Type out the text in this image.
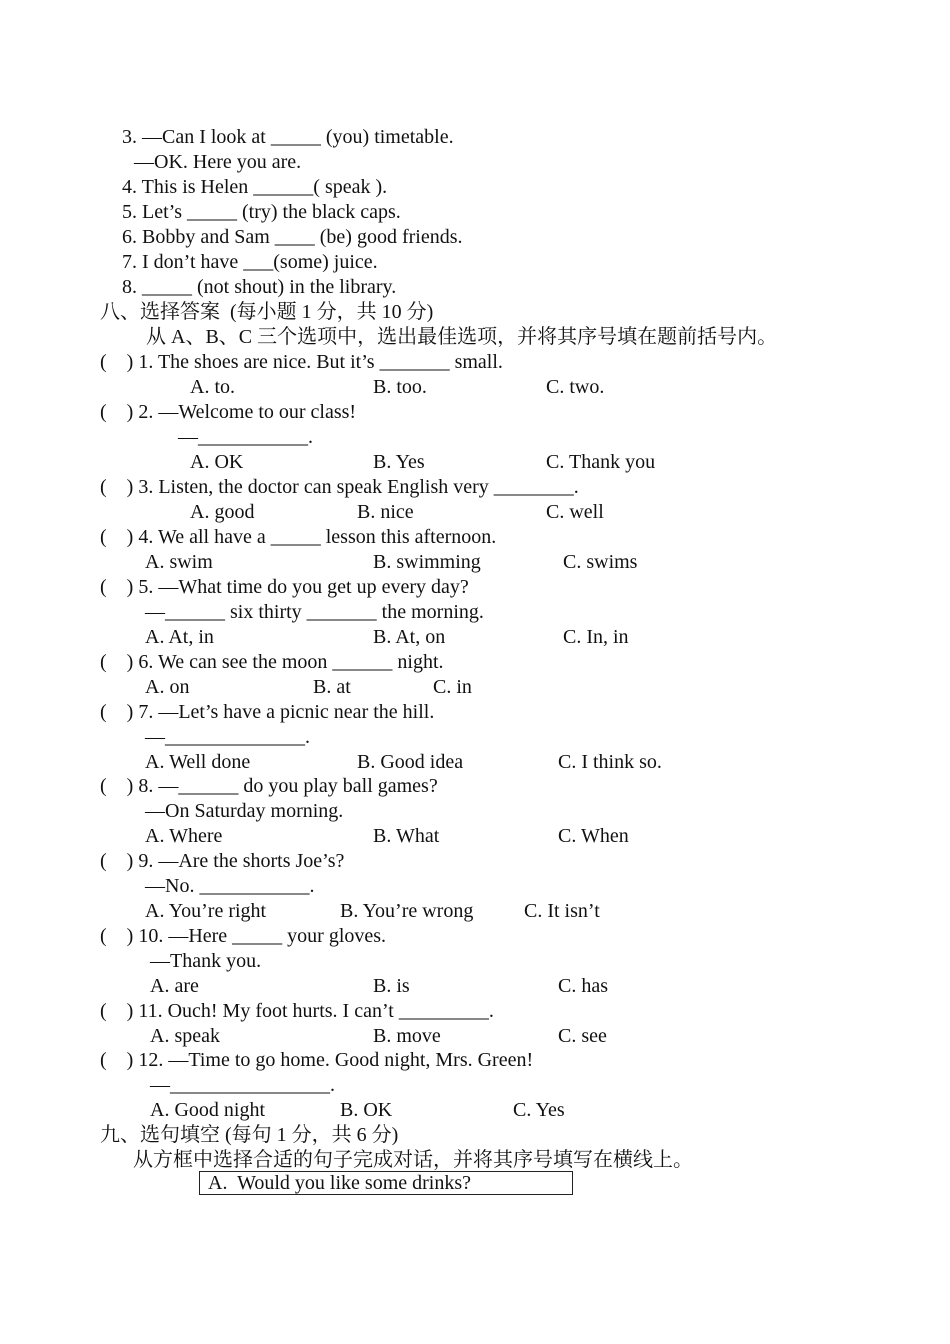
3. —Can I look at _____ (you) timetable.
—OK. Here you are.
4. This is Helen ______( speak ).
5. Let’s _____ (try) the black caps.
6. Bobby and Sam ____ (be) good friends.
7. I don’t have ___(some) juice.
8. _____ (not shout) in the library.
八、选择答案  (每小题 1 分，共 10 分)
从 A、B、C 三个选项中，选出最佳选项，并将其序号填在题前括号内。
(    ) 1. The shoes are nice. But it’s _______ small.
A. to.	B. too.	C. two.
(    ) 2. —Welcome to our class!
—___________.
A. OK	B. Yes	C. Thank you
(    ) 3. Listen, the doctor can speak English very ________.
A. good	B. nice	C. well
(    ) 4. We all have a _____ lesson this afternoon.
A. swim	B. swimming	C. swims
(    ) 5. —What time do you get up every day?
—______ six thirty _______ the morning.
A. At, in	B. At, on	C. In, in
(    ) 6. We can see the moon ______ night.
A. on	B. at	C. in
(    ) 7. —Let’s have a picnic near the hill.
—______________.
A. Well done	B. Good idea	C. I think so.
(    ) 8. —______ do you play ball games?
—On Saturday morning.
A. Where	B. What	C. When
(    ) 9. —Are the shorts Joe’s?
—No. ___________.
A. You’re right	B. You’re wrong	C. It isn’t
(    ) 10. —Here _____ your gloves.
—Thank you.
A. are	B. is	C. has
(    ) 11. Ouch! My foot hurts. I can’t _________.
A. speak	B. move	C. see
(    ) 12. —Time to go home. Good night, Mrs. Green!
—________________.
A. Good night	B. OK	C. Yes
九、选句填空 (每句 1 分，共 6 分)
从方框中选择合适的句子完成对话，并将其序号填写在横线上。
A.  Would you like some drinks?
